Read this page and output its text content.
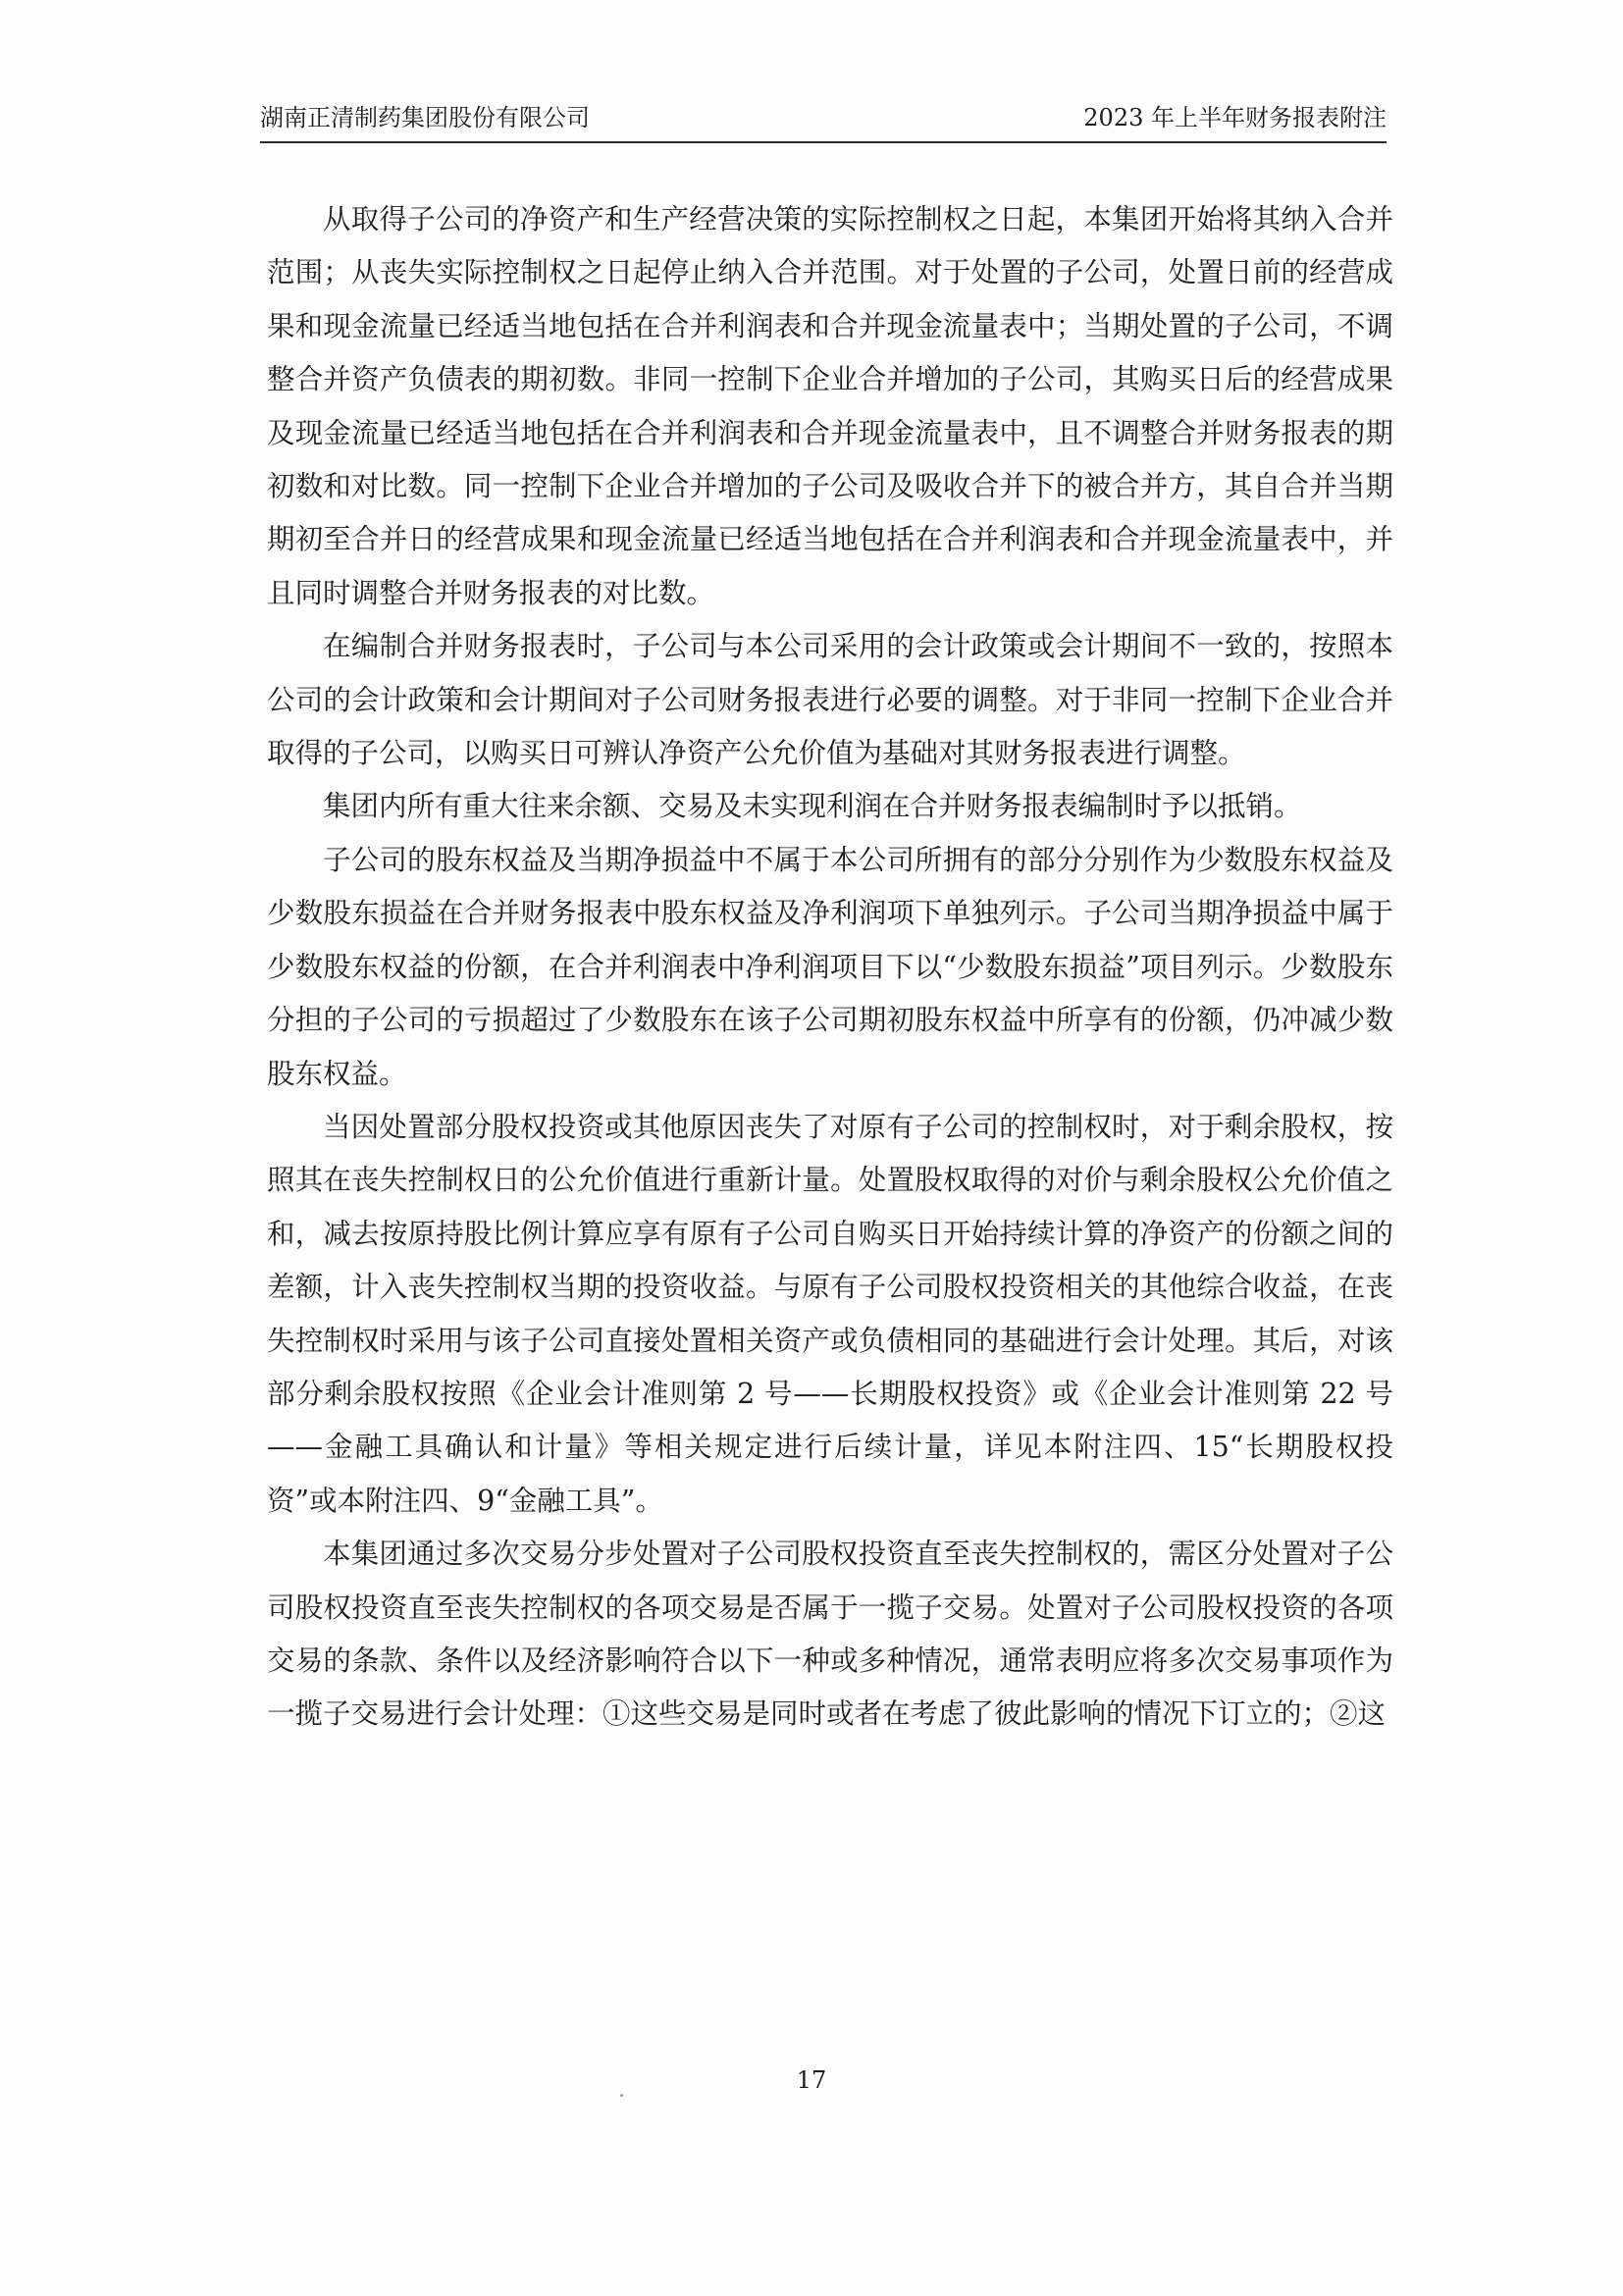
湖南正清制药集团股份有限公司	2023 年上半年财务报表附注

从取得子公司的净资产和生产经营决策的实际控制权之日起，本集团开始将其纳入合并范围；从丧失实际控制权之日起停止纳入合并范围。对于处置的子公司，处置日前的经营成果和现金流量已经适当地包括在合并利润表和合并现金流量表中；当期处置的子公司，不调整合并资产负债表的期初数。非同一控制下企业合并增加的子公司，其购买日后的经营成果及现金流量已经适当地包括在合并利润表和合并现金流量表中，且不调整合并财务报表的期初数和对比数。同一控制下企业合并增加的子公司及吸收合并下的被合并方，其自合并当期期初至合并日的经营成果和现金流量已经适当地包括在合并利润表和合并现金流量表中，并且同时调整合并财务报表的对比数。

在编制合并财务报表时，子公司与本公司采用的会计政策或会计期间不一致的，按照本公司的会计政策和会计期间对子公司财务报表进行必要的调整。对于非同一控制下企业合并取得的子公司，以购买日可辨认净资产公允价值为基础对其财务报表进行调整。

集团内所有重大往来余额、交易及未实现利润在合并财务报表编制时予以抵销。

子公司的股东权益及当期净损益中不属于本公司所拥有的部分分别作为少数股东权益及少数股东损益在合并财务报表中股东权益及净利润项下单独列示。子公司当期净损益中属于少数股东权益的份额，在合并利润表中净利润项目下以“少数股东损益”项目列示。少数股东分担的子公司的亏损超过了少数股东在该子公司期初股东权益中所享有的份额，仍冲减少数股东权益。

当因处置部分股权投资或其他原因丧失了对原有子公司的控制权时，对于剩余股权，按照其在丧失控制权日的公允价值进行重新计量。处置股权取得的对价与剩余股权公允价值之和，减去按原持股比例计算应享有原有子公司自购买日开始持续计算的净资产的份额之间的差额，计入丧失控制权当期的投资收益。与原有子公司股权投资相关的其他综合收益，在丧失控制权时采用与该子公司直接处置相关资产或负债相同的基础进行会计处理。其后，对该部分剩余股权按照《企业会计准则第 2 号——长期股权投资》或《企业会计准则第 22 号——金融工具确认和计量》等相关规定进行后续计量，详见本附注四、15“长期股权投资”或本附注四、9“金融工具”。

本集团通过多次交易分步处置对子公司股权投资直至丧失控制权的，需区分处置对子公司股权投资直至丧失控制权的各项交易是否属于一揽子交易。处置对子公司股权投资的各项交易的条款、条件以及经济影响符合以下一种或多种情况，通常表明应将多次交易事项作为一揽子交易进行会计处理：①这些交易是同时或者在考虑了彼此影响的情况下订立的；②这

17
